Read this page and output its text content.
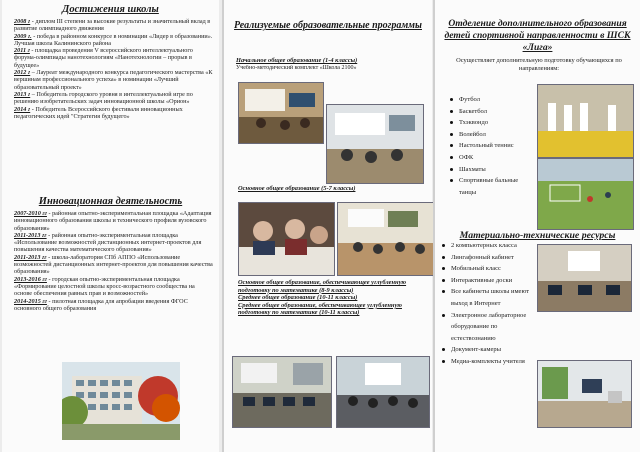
Достижения школы
2008 г - диплом III степени за высокие результаты и значительный вклад в развитие олимпиадного движения
2009 г. - победа в районном конкурсе в номинации «Лидер в образовании». Лучшая школа Калининского района
2011 г - площадка проведения V всероссийского интеллектуального форума-олимпиады нанотехнологиям «Нанотехнологии – прорыв в будущее»
2012 г – Лауреат международного конкурса педагогического мастерства «К вершинам профессионального успеха» в номинации «Лучший образовательный проект»
2013 г – Победитель городского уровня в интеллектуальной игре по решению изобретательских задач инновационной школы «Орион»
2014 г - Победитель Всероссийского фестиваля инновационных педагогических идей "Стратегия будущего»
Инновационная деятельность
2007-2010 гг - районная опытно-экспериментальная площадка «Адаптация инновационного образования школы и технического профиля вузовского образования»
2011-2013 гг - районная опытно-экспериментальная площадка «Использование возможностей дистанционных интернет-проектов для повышения качества математического образования»
2011-2013 гг - школа-лаборатория СПб АППО «Использование возможностей дистанционных интернет-проектов для повышения качества образования»
2013-2016 гг - городская опытно-экспериментальная площадка «Формирование целостной школы кросс-возрастного сообщества на основе обеспечения равных прав и возможностей»
2014-2015 гг - пилотная площадка для апробации введения ФГОС основного общего образования
Реализуемые образовательные программы
Начальное общее образование (1-4 классы)
Учебно-методический комплект «Школа 2100»
Основное общее образование (5-7 классы)
Основное общее образование, обеспечивающее углубленную подготовку по математике (8-9 классы)
Среднее общее образование (10-11 классы)
Среднее общее образование, обеспечивающее углубленную подготовку по математике (10-11 классы)
Отделение дополнительного образования детей спортивной направленности в ШСК «Лига»
Осуществляет дополнительную подготовку обучающихся по направлениям:
Футбол
Баскетбол
Тхэквондо
Волейбол
Настольный теннис
ОФК
Шахматы
Спортивные бальные танцы
Материально-технические ресурсы
2 компьютерных класса
Лингафонный кабинет
Мобильный класс
Интерактивные доски
Все кабинеты школы имеют выход в Интернет
Электронное лабораторное оборудование по естествознанию
Документ-камеры
Медиа-комплекты учителя
